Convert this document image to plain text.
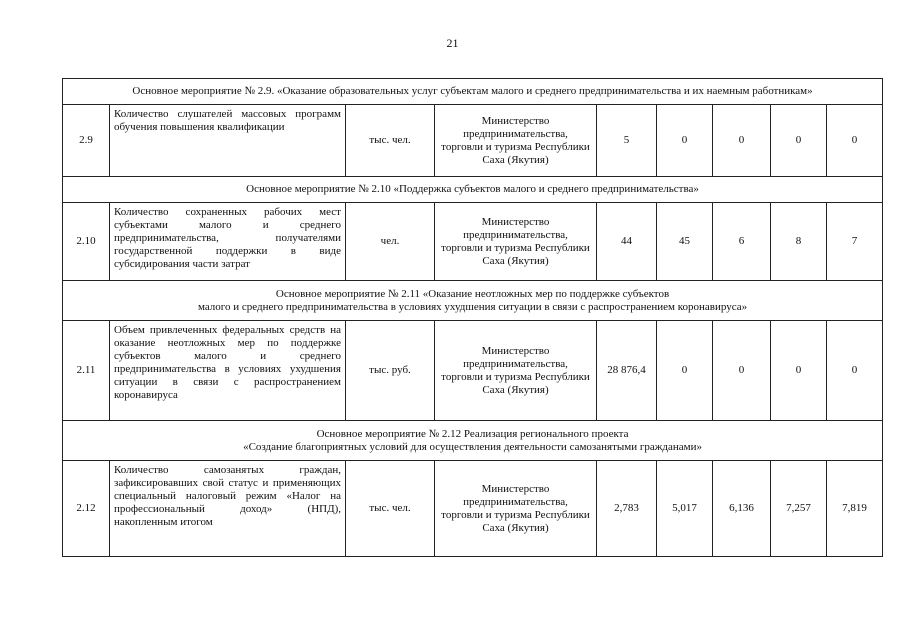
21
Основное мероприятие № 2.9. «Оказание образовательных услуг субъектам малого и среднего предпринимательства и их наемным работникам»								

2.9	Количество слушателей массовых программ обучения повышения квалификации	тыс. чел.	Министерство предпринимательства, торговли и туризма Республики Саха (Якутия)	5	0	0	0	0

Основное мероприятие № 2.10 «Поддержка субъектов малого и среднего предпринимательства»								

2.10	Количество сохраненных рабочих мест субъектами малого и среднего предпринимательства, получателями государственной поддержки в виде субсидирования части затрат	чел.	Министерство предпринимательства, торговли и туризма Республики Саха (Якутия)	44	45	6	8	7

Основное мероприятие № 2.11 «Оказание неотложных мер по поддержке субъектов
малого и среднего предпринимательства в условиях ухудшения ситуации в связи с распространением коронавируса»								

2.11	Объем привлеченных федеральных средств на оказание неотложных мер по поддержке субъектов малого и среднего предпринимательства в условиях ухудшения ситуации в связи с распространением коронавируса	тыс. руб.	Министерство предпринимательства, торговли и туризма Республики Саха (Якутия)	28 876,4	0	0	0	0

Основное мероприятие № 2.12 Реализация регионального проекта
«Создание благоприятных условий для осуществления деятельности самозанятыми гражданами»								

2.12	Количество самозанятых граждан, зафиксировавших свой статус и применяющих специальный налоговый режим «Налог на профессиональный доход» (НПД), накопленным итогом	тыс. чел.	Министерство предпринимательства, торговли и туризма Республики Саха (Якутия)	2,783	5,017	6,136	7,257	7,819
